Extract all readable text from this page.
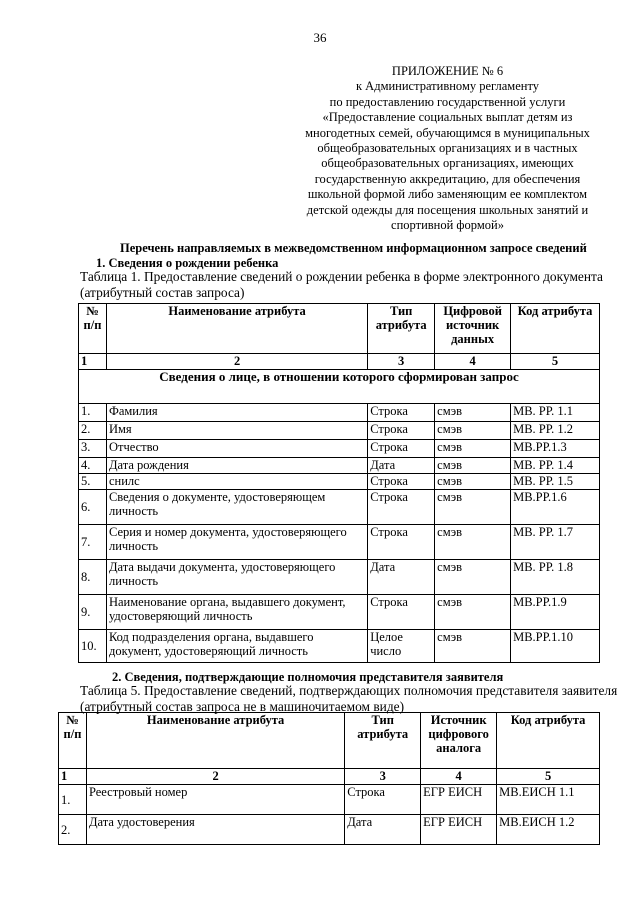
36
ПРИЛОЖЕНИЕ № 6
к Административному регламенту
по предоставлению государственной услуги
«Предоставление социальных выплат детям из
многодетных семей, обучающимся в муниципальных
общеобразовательных организациях и в частных
общеобразовательных организациях, имеющих
государственную аккредитацию, для обеспечения
школьной формой либо заменяющим ее комплектом
детской одежды для посещения школьных занятий и
спортивной формой»
Перечень направляемых в межведомственном информационном запросе сведений
1. Сведения о рождении ребенка
Таблица 1. Предоставление сведений о рождении ребенка в форме электронного документа
(атрибутный состав запроса)
№ п/п	Наименование атрибута	Тип атрибута	Цифровой источник данных	Код атрибута
1	2	3	4	5
Сведения о лице, в отношении которого сформирован запрос				
1.	Фамилия	Строка	смэв	МВ. РР. 1.1
2.	Имя	Строка	смэв	МВ. РР. 1.2
3.	Отчество	Строка	смэв	МВ.РР.1.3
4.	Дата рождения	Дата	смэв	МВ. РР. 1.4
5.	снилс	Строка	смэв	МВ. РР. 1.5
6.	Сведения о документе, удостоверяющем личность	Строка	смэв	МВ.РР.1.6
7.	Серия и номер документа, удостоверяющего личность	Строка	смэв	МВ. РР. 1.7
8.	Дата выдачи документа, удостоверяющего личность	Дата	смэв	МВ. РР. 1.8
9.	Наименование органа, выдавшего документ, удостоверяющий личность	Строка	смэв	МВ.РР.1.9
10.	Код подразделения органа, выдавшего документ, удостоверяющий личность	Целое число	смэв	МВ.РР.1.10
2. Сведения, подтверждающие полномочия представителя заявителя
Таблица 5. Предоставление сведений, подтверждающих полномочия представителя заявителя
(атрибутный состав запроса не в машиночитаемом виде)
№ п/п	Наименование атрибута	Тип атрибута	Источник цифрового аналога	Код атрибута
1	2	3	4	5
1.	Реестровый номер	Строка	ЕГР ЕИСН	МВ.ЕИСН 1.1
2.	Дата удостоверения	Дата	ЕГР ЕИСН	МВ.ЕИСН 1.2
